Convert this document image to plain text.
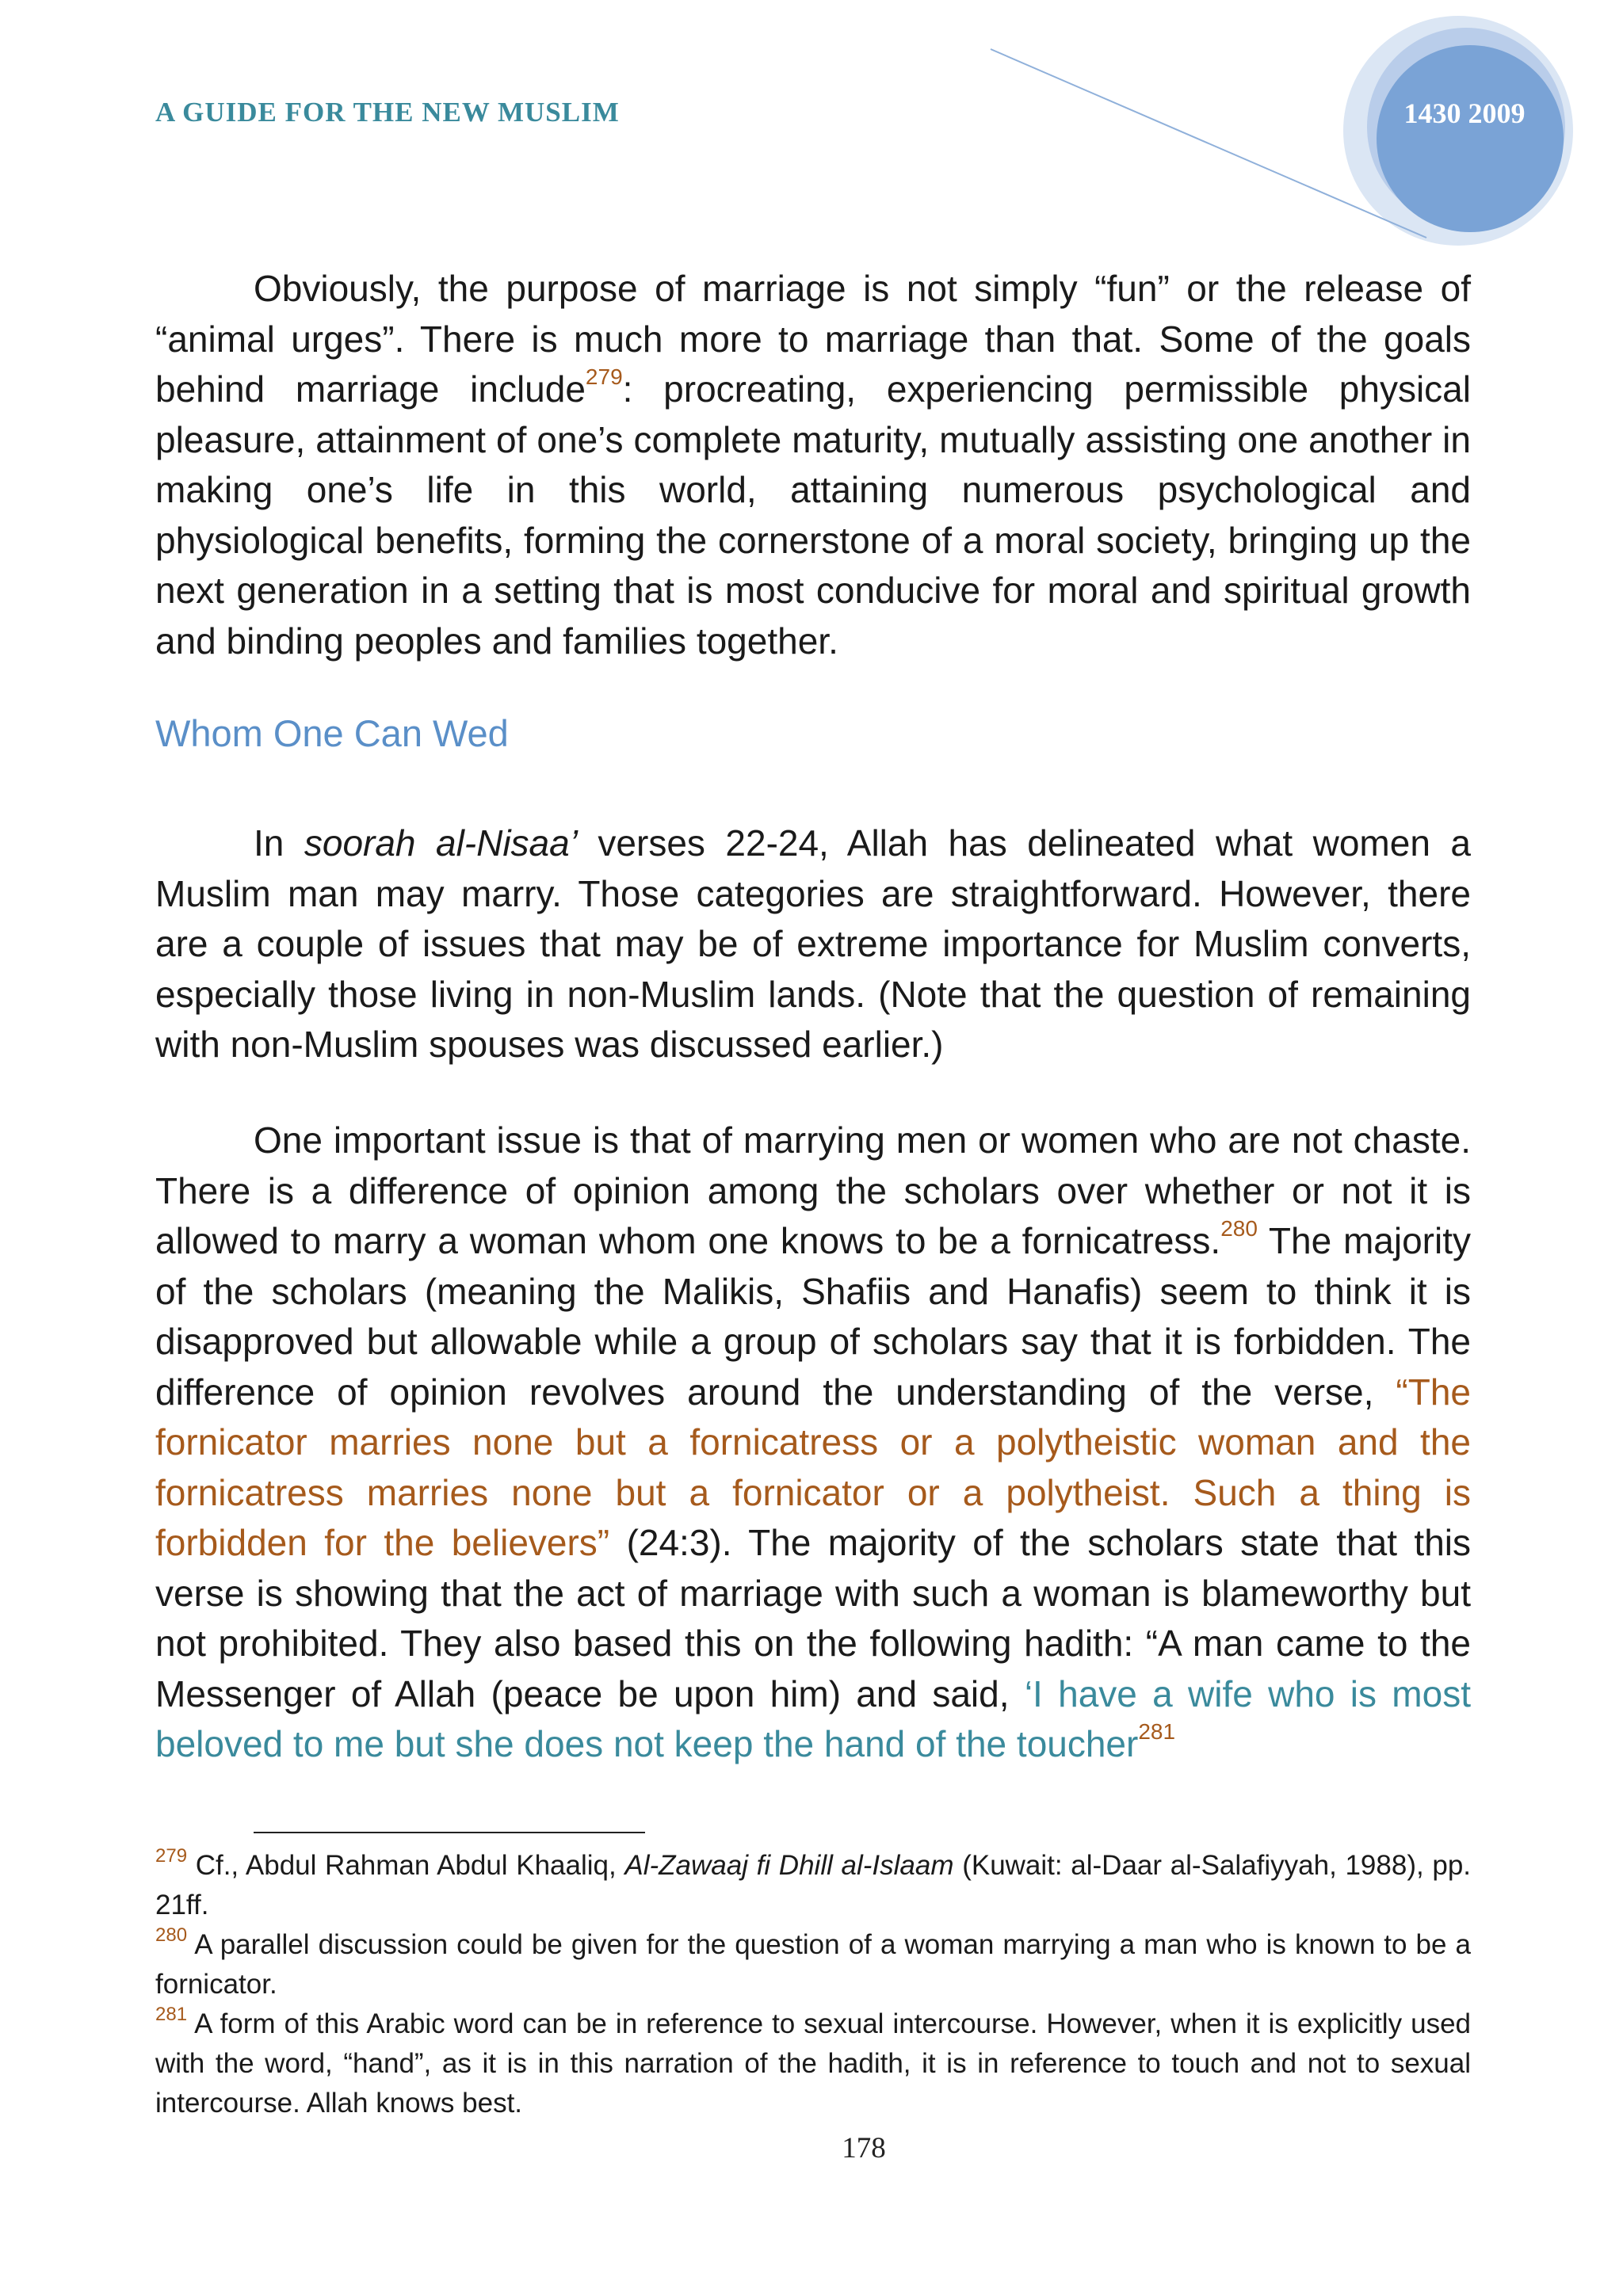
A GUIDE FOR THE NEW MUSLIM	1430 2009

Obviously, the purpose of marriage is not simply “fun” or the release of “animal urges”. There is much more to marriage than that. Some of the goals behind marriage include$^{279}$: procreating, experiencing permissible physical pleasure, attainment of one’s complete maturity, mutually assisting one another in making one’s life in this world, attaining numerous psychological and physiological benefits, forming the cornerstone of a moral society, bringing up the next generation in a setting that is most conducive for moral and spiritual growth and binding peoples and families together.

Whom One Can Wed

In soorah al-Nisaa’ verses 22-24, Allah has delineated what women a Muslim man may marry. Those categories are straightforward. However, there are a couple of issues that may be of extreme importance for Muslim converts, especially those living in non-Muslim lands. (Note that the question of remaining with non-Muslim spouses was discussed earlier.)

One important issue is that of marrying men or women who are not chaste. There is a difference of opinion among the scholars over whether or not it is allowed to marry a woman whom one knows to be a fornicatress.$^{280}$ The majority of the scholars (meaning the Malikis, Shafiis and Hanafis) seem to think it is disapproved but allowable while a group of scholars say that it is forbidden. The difference of opinion revolves around the understanding of the verse, “The fornicator marries none but a fornicatress or a polytheistic woman and the fornicatress marries none but a fornicator or a polytheist. Such a thing is forbidden for the believers” (24:3). The majority of the scholars state that this verse is showing that the act of marriage with such a woman is blameworthy but not prohibited. They also based this on the following hadith: “A man came to the Messenger of Allah (peace be upon him) and said, ‘I have a wife who is most beloved to me but she does not keep the hand of the toucher$^{281}$

$^{279}$ Cf., Abdul Rahman Abdul Khaaliq, Al-Zawaaj fi Dhill al-Islaam (Kuwait: al-Daar al-Salafiyyah, 1988), pp. 21ff.

$^{280}$ A parallel discussion could be given for the question of a woman marrying a man who is known to be a fornicator.

$^{281}$ A form of this Arabic word can be in reference to sexual intercourse. However, when it is explicitly used with the word, “hand”, as it is in this narration of the hadith, it is in reference to touch and not to sexual intercourse. Allah knows best.

178
